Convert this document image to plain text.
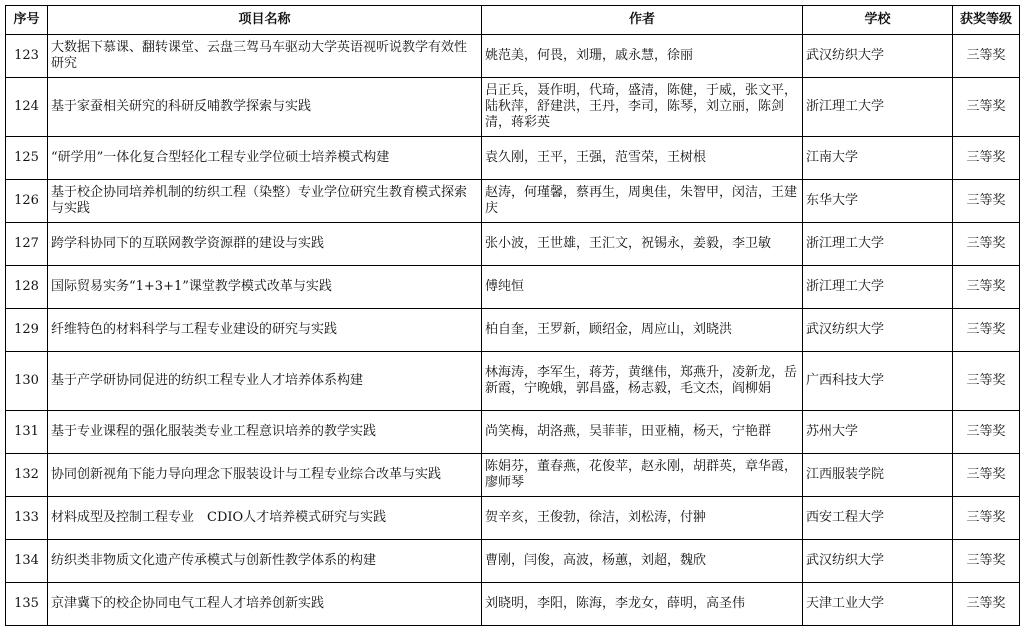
序号	项目名称	作者	学校	获奖等级
123	大数据下慕课、翻转课堂、云盘三驾马车驱动大学英语视听说教学有效性研究	姚范美，何畏，刘珊，戚永慧，徐丽	武汉纺织大学	三等奖
124	基于家蚕相关研究的科研反哺教学探索与实践	吕正兵，聂作明，代琦，盛清，陈健，于威，张文平，陆秋萍，舒建洪，王丹，李司，陈琴，刘立丽，陈剑清，蒋彩英	浙江理工大学	三等奖
125	“研学用”一体化复合型轻化工程专业学位硕士培养模式构建	袁久刚，王平，王强，范雪荣，王树根	江南大学	三等奖
126	基于校企协同培养机制的纺织工程（染整）专业学位研究生教育模式探索与实践	赵涛，何瑾馨，蔡再生，周奥佳，朱智甲，闵洁，王建庆	东华大学	三等奖
127	跨学科协同下的互联网教学资源群的建设与实践	张小波，王世雄，王汇文，祝锡永，姜毅，李卫敏	浙江理工大学	三等奖
128	国际贸易实务“1+3+1”课堂教学模式改革与实践	傅纯恒	浙江理工大学	三等奖
129	纤维特色的材料科学与工程专业建设的研究与实践	柏自奎，王罗新，顾绍金，周应山，刘晓洪	武汉纺织大学	三等奖
130	基于产学研协同促进的纺织工程专业人才培养体系构建	林海涛，李军生，蒋芳，黄继伟，郑燕升，凌新龙，岳新霞，宁晚娥，郭昌盛，杨志毅，毛文杰，阎柳娟	广西科技大学	三等奖
131	基于专业课程的强化服装类专业工程意识培养的教学实践	尚笑梅，胡洛燕，吴菲菲，田亚楠，杨天，宁艳群	苏州大学	三等奖
132	协同创新视角下能力导向理念下服装设计与工程专业综合改革与实践	陈娟芬，董春燕，花俊苹，赵永刚，胡群英，章华霞，廖师琴	江西服装学院	三等奖
133	材料成型及控制工程专业　CDIO人才培养模式研究与实践	贺辛亥，王俊勃，徐洁，刘松涛，付翀	西安工程大学	三等奖
134	纺织类非物质文化遗产传承模式与创新性教学体系的构建	曹刚，闫俊，高波，杨蕙，刘超，魏欣	武汉纺织大学	三等奖
135	京津冀下的校企协同电气工程人才培养创新实践	刘晓明，李阳，陈海，李龙女，薛明，高圣伟	天津工业大学	三等奖
